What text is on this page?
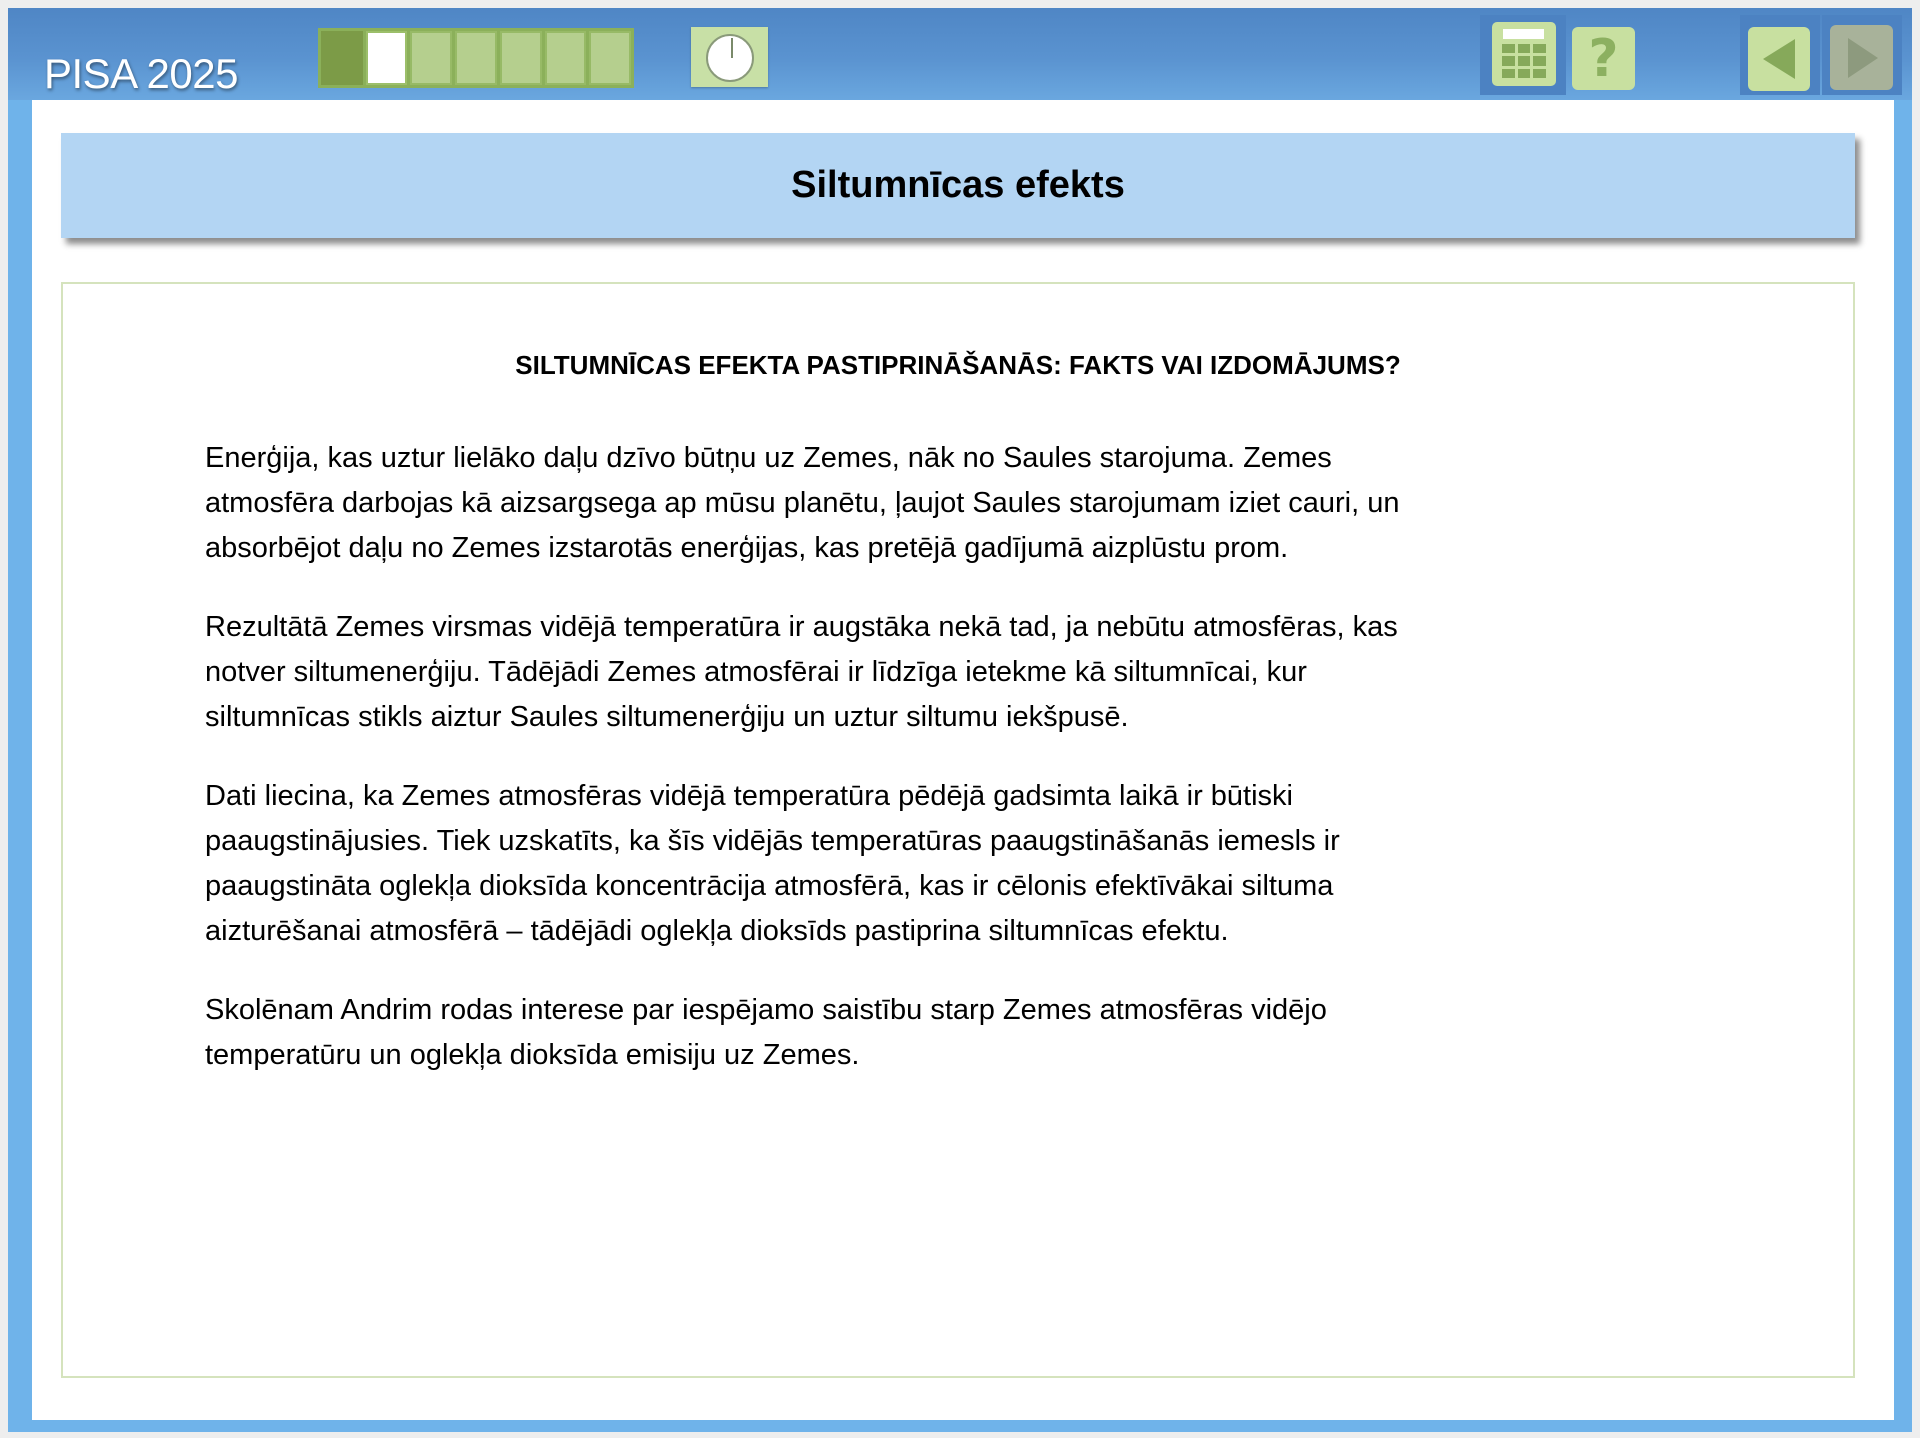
PISA 2025	?
Siltumnīcas efekts
SILTUMNĪCAS EFEKTA PASTIPRINĀŠANĀS: FAKTS VAI IZDOMĀJUMS?
Enerģija, kas uztur lielāko daļu dzīvo būtņu uz Zemes, nāk no Saules starojuma. Zemes
atmosfēra darbojas kā aizsargsega ap mūsu planētu, ļaujot Saules starojumam iziet cauri, un
absorbējot daļu no Zemes izstarotās enerģijas, kas pretējā gadījumā aizplūstu prom.
Rezultātā Zemes virsmas vidējā temperatūra ir augstāka nekā tad, ja nebūtu atmosfēras, kas
notver siltumenerģiju. Tādējādi Zemes atmosfērai ir līdzīga ietekme kā siltumnīcai, kur
siltumnīcas stikls aiztur Saules siltumenerģiju un uztur siltumu iekšpusē.
Dati liecina, ka Zemes atmosfēras vidējā temperatūra pēdējā gadsimta laikā ir būtiski
paaugstinājusies. Tiek uzskatīts, ka šīs vidējās temperatūras paaugstināšanās iemesls ir
paaugstināta oglekļa dioksīda koncentrācija atmosfērā, kas ir cēlonis efektīvākai siltuma
aizturēšanai atmosfērā – tādējādi oglekļa dioksīds pastiprina siltumnīcas efektu.
Skolēnam Andrim rodas interese par iespējamo saistību starp Zemes atmosfēras vidējo
temperatūru un oglekļa dioksīda emisiju uz Zemes.
